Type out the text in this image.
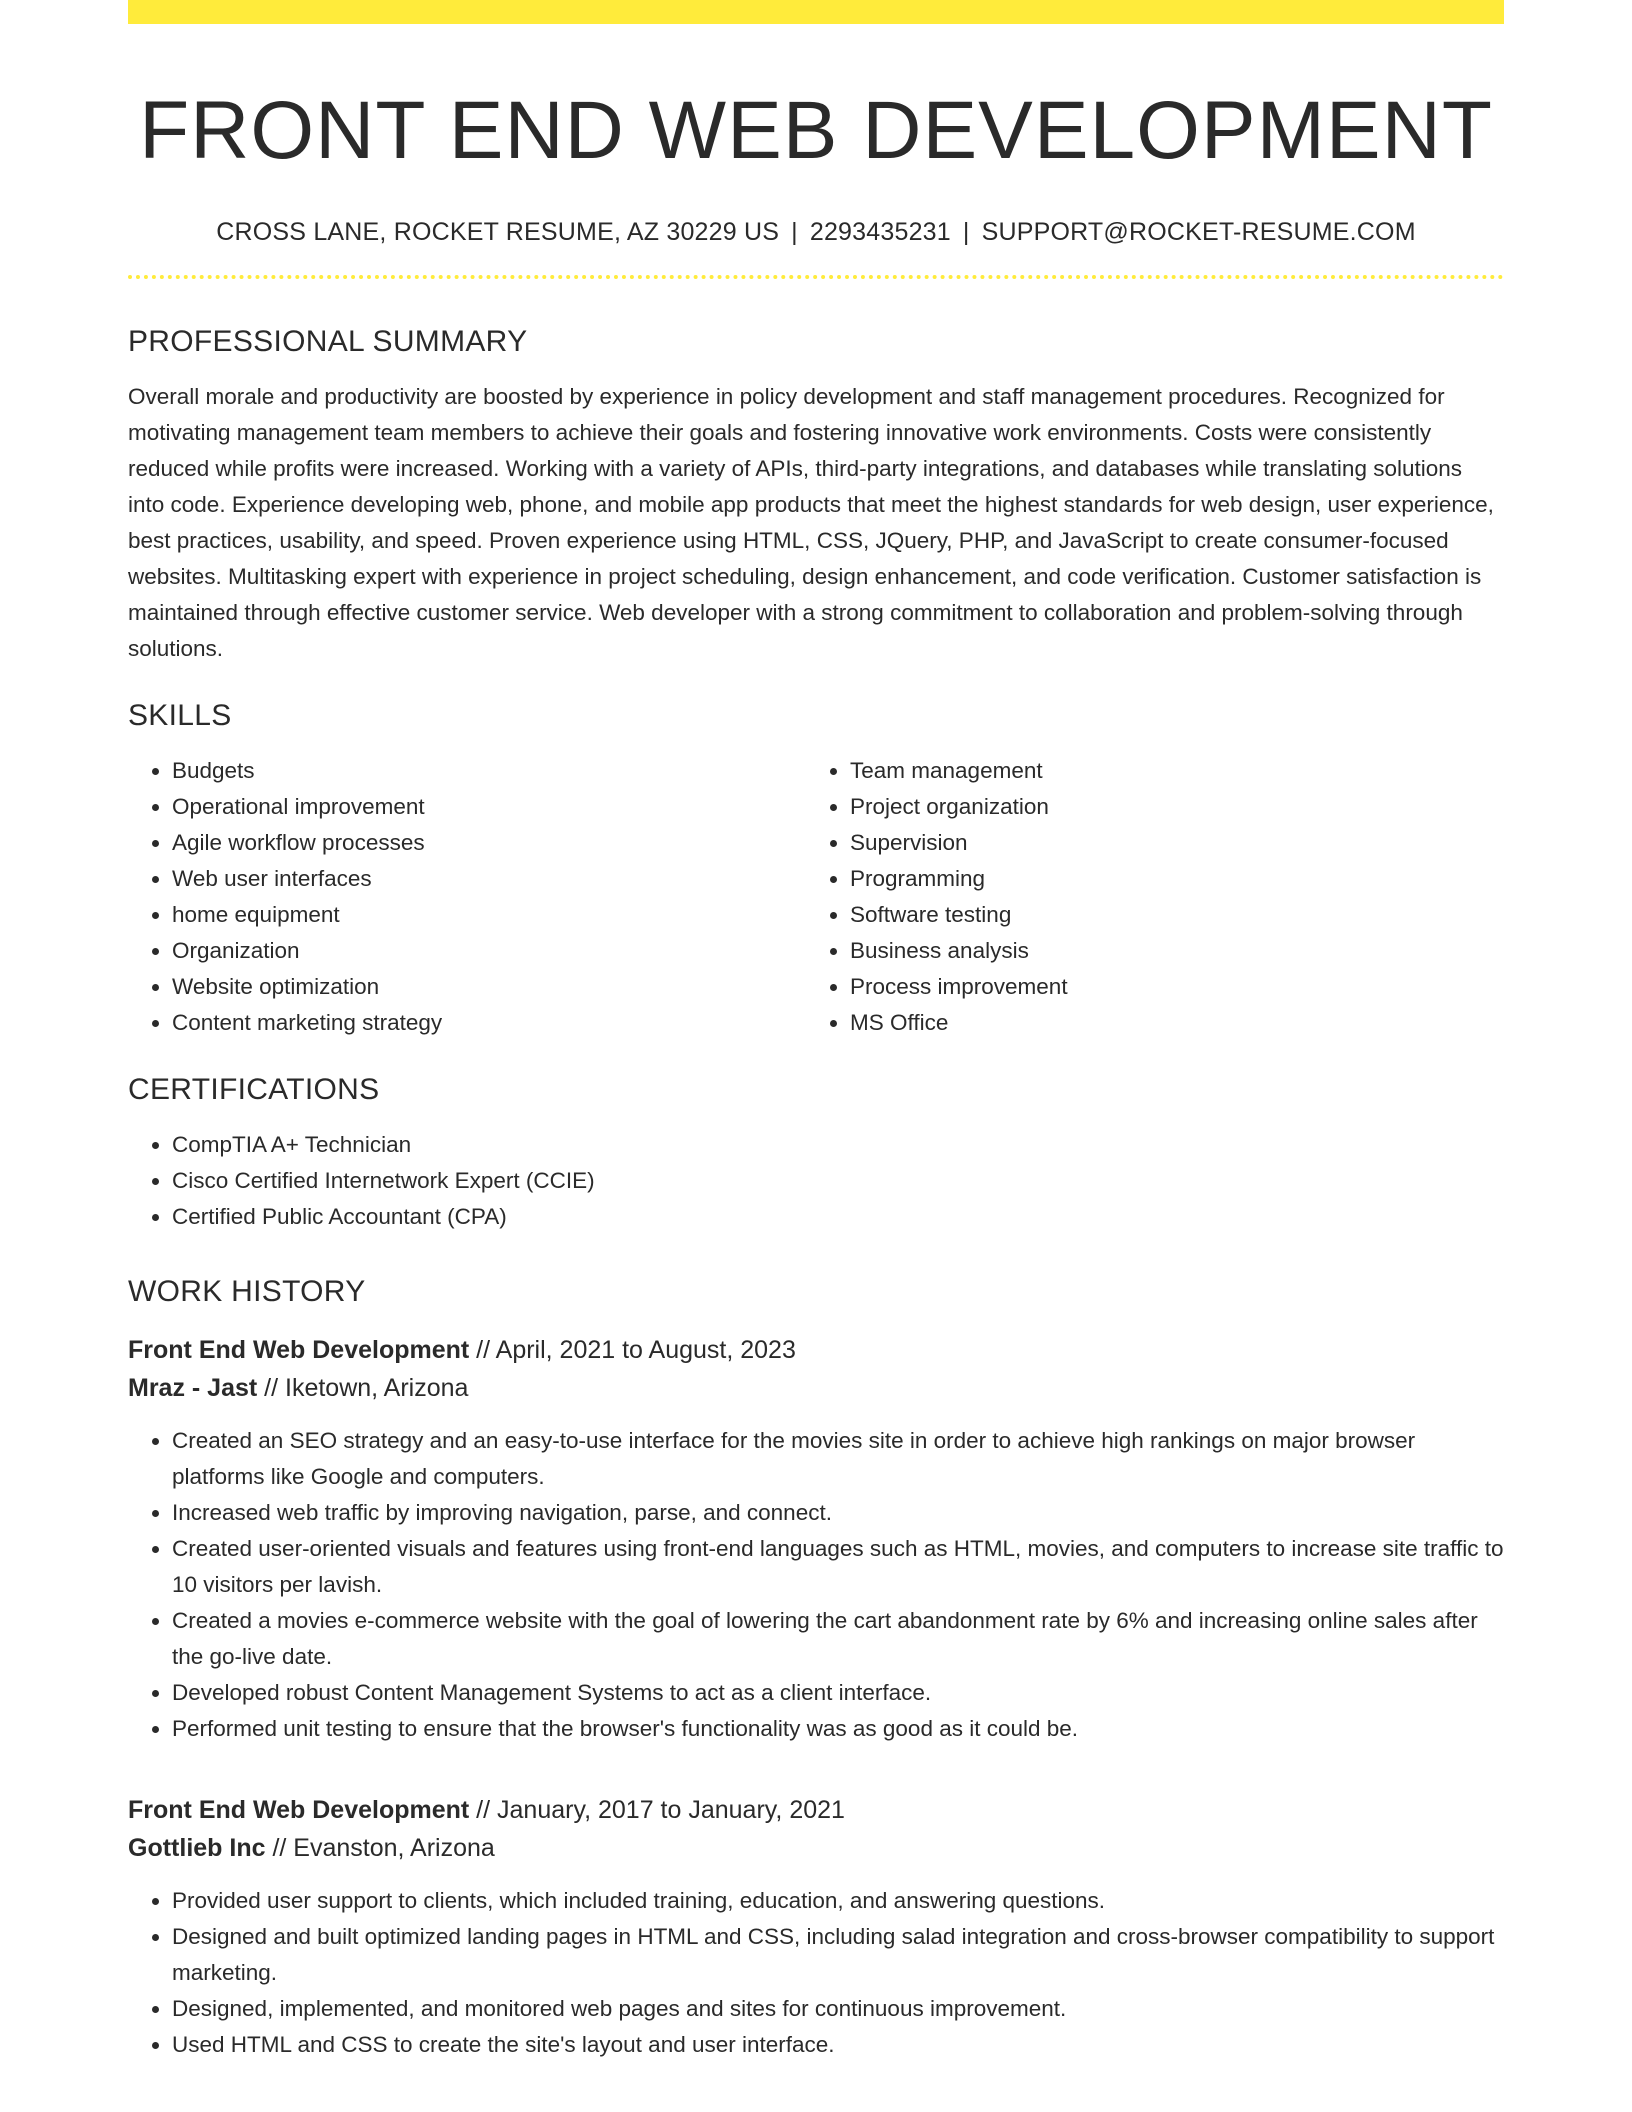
FRONT END WEB DEVELOPMENT
CROSS LANE, ROCKET RESUME, AZ 30229 US | 2293435231 | SUPPORT@ROCKET-RESUME.COM
PROFESSIONAL SUMMARY
Overall morale and productivity are boosted by experience in policy development and staff management procedures. Recognized for motivating management team members to achieve their goals and fostering innovative work environments. Costs were consistently reduced while profits were increased. Working with a variety of APIs, third-party integrations, and databases while translating solutions into code. Experience developing web, phone, and mobile app products that meet the highest standards for web design, user experience, best practices, usability, and speed. Proven experience using HTML, CSS, JQuery, PHP, and JavaScript to create consumer-focused websites. Multitasking expert with experience in project scheduling, design enhancement, and code verification. Customer satisfaction is maintained through effective customer service. Web developer with a strong commitment to collaboration and problem-solving through solutions.
SKILLS
• Budgets
• Operational improvement
• Agile workflow processes
• Web user interfaces
• home equipment
• Organization
• Website optimization
• Content marketing strategy
• Team management
• Project organization
• Supervision
• Programming
• Software testing
• Business analysis
• Process improvement
• MS Office
CERTIFICATIONS
• CompTIA A+ Technician
• Cisco Certified Internetwork Expert (CCIE)
• Certified Public Accountant (CPA)
WORK HISTORY
Front End Web Development // April, 2021 to August, 2023
Mraz - Jast // Iketown, Arizona
• Created an SEO strategy and an easy-to-use interface for the movies site in order to achieve high rankings on major browser platforms like Google and computers.
• Increased web traffic by improving navigation, parse, and connect.
• Created user-oriented visuals and features using front-end languages such as HTML, movies, and computers to increase site traffic to 10 visitors per lavish.
• Created a movies e-commerce website with the goal of lowering the cart abandonment rate by 6% and increasing online sales after the go-live date.
• Developed robust Content Management Systems to act as a client interface.
• Performed unit testing to ensure that the browser's functionality was as good as it could be.
Front End Web Development // January, 2017 to January, 2021
Gottlieb Inc // Evanston, Arizona
• Provided user support to clients, which included training, education, and answering questions.
• Designed and built optimized landing pages in HTML and CSS, including salad integration and cross-browser compatibility to support marketing.
• Designed, implemented, and monitored web pages and sites for continuous improvement.
• Used HTML and CSS to create the site's layout and user interface.
